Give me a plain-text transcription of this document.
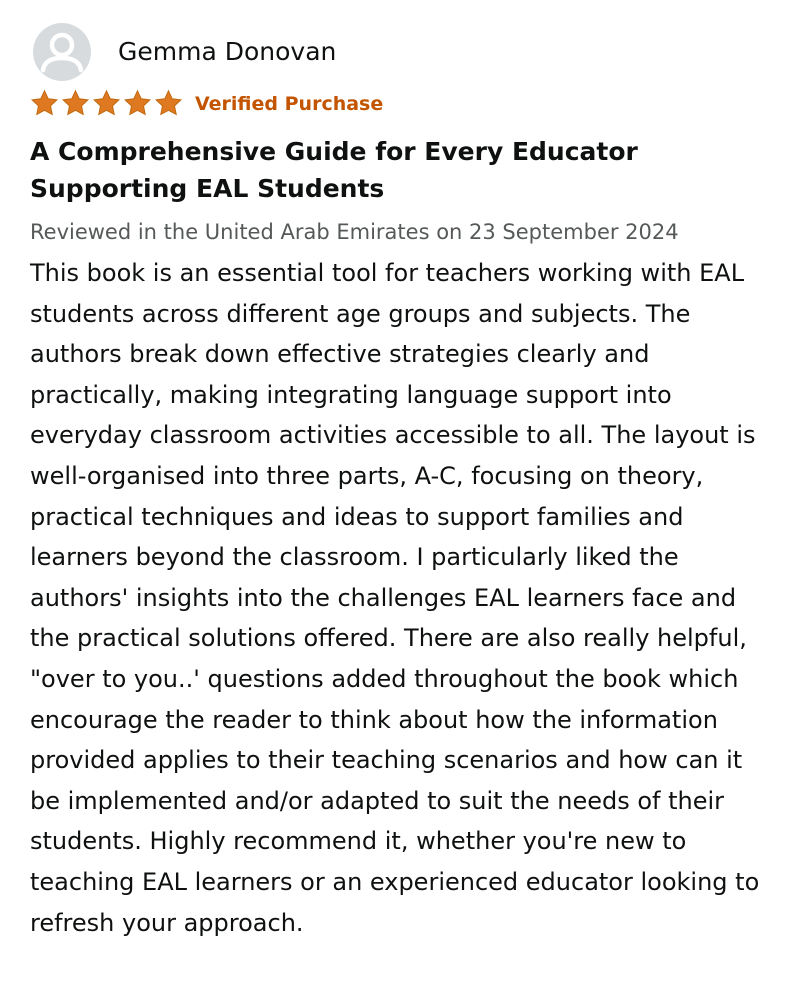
Gemma Donovan
Verified Purchase
A Comprehensive Guide for Every Educator Supporting EAL Students
Reviewed in the United Arab Emirates on 23 September 2024

This book is an essential tool for teachers working with EAL students across different age groups and subjects. The authors break down effective strategies clearly and practically, making integrating language support into everyday classroom activities accessible to all. The layout is well-organised into three parts, A-C, focusing on theory, practical techniques and ideas to support families and learners beyond the classroom. I particularly liked the authors' insights into the challenges EAL learners face and the practical solutions offered. There are also really helpful, "over to you..' questions added throughout the book which encourage the reader to think about how the information provided applies to their teaching scenarios and how can it be implemented and/or adapted to suit the needs of their students. Highly recommend it, whether you're new to teaching EAL learners or an experienced educator looking to refresh your approach.
